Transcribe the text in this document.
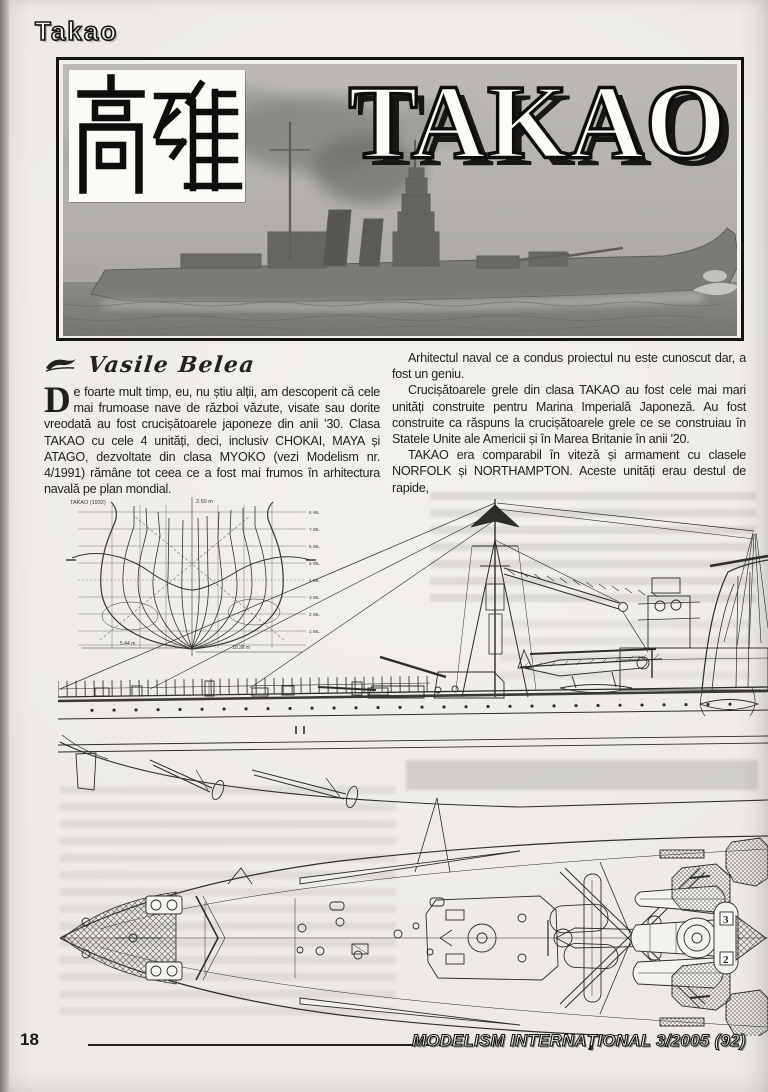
Takao
TAKAO
Vasile Belea

De foarte mult timp, eu, nu știu alții, am descoperit că cele mai frumoase nave de război văzute, visate sau dorite vreodată au fost crucișătoarele japoneze din anii '30. Clasa TAKAO cu cele 4 unități, deci, inclusiv CHOKAI, MAYA și ATAGO, dezvoltate din clasa MYOKO (vezi Modelism nr. 4/1991) rămâne tot ceea ce a fost mai frumos în arhitectura navală pe plan mondial.

Arhitectul naval ce a condus proiectul nu este cunoscut dar, a fost un geniu.

Crucișătoarele grele din clasa TAKAO au fost cele mai mari unități construite pentru Marina Imperială Japoneză. Au fost construite ca răspuns la crucișătoarele grele ce se construiau în Statele Unite ale Americii și în Marea Britanie în anii '20.

TAKAO era comparabil în viteză și armament cu clasele NORFOLK și NORTHAMPTON. Aceste unități erau destul de rapide,

TAKAO (1932)	2.50 m
8 WL
7 WL
6 WL
5 WL
4 WL
3 WL
2 WL
1 WL
5.44 m
10.36 m
3
2
18	MODELISM INTERNAŢIONAL 3/2005 (92)
